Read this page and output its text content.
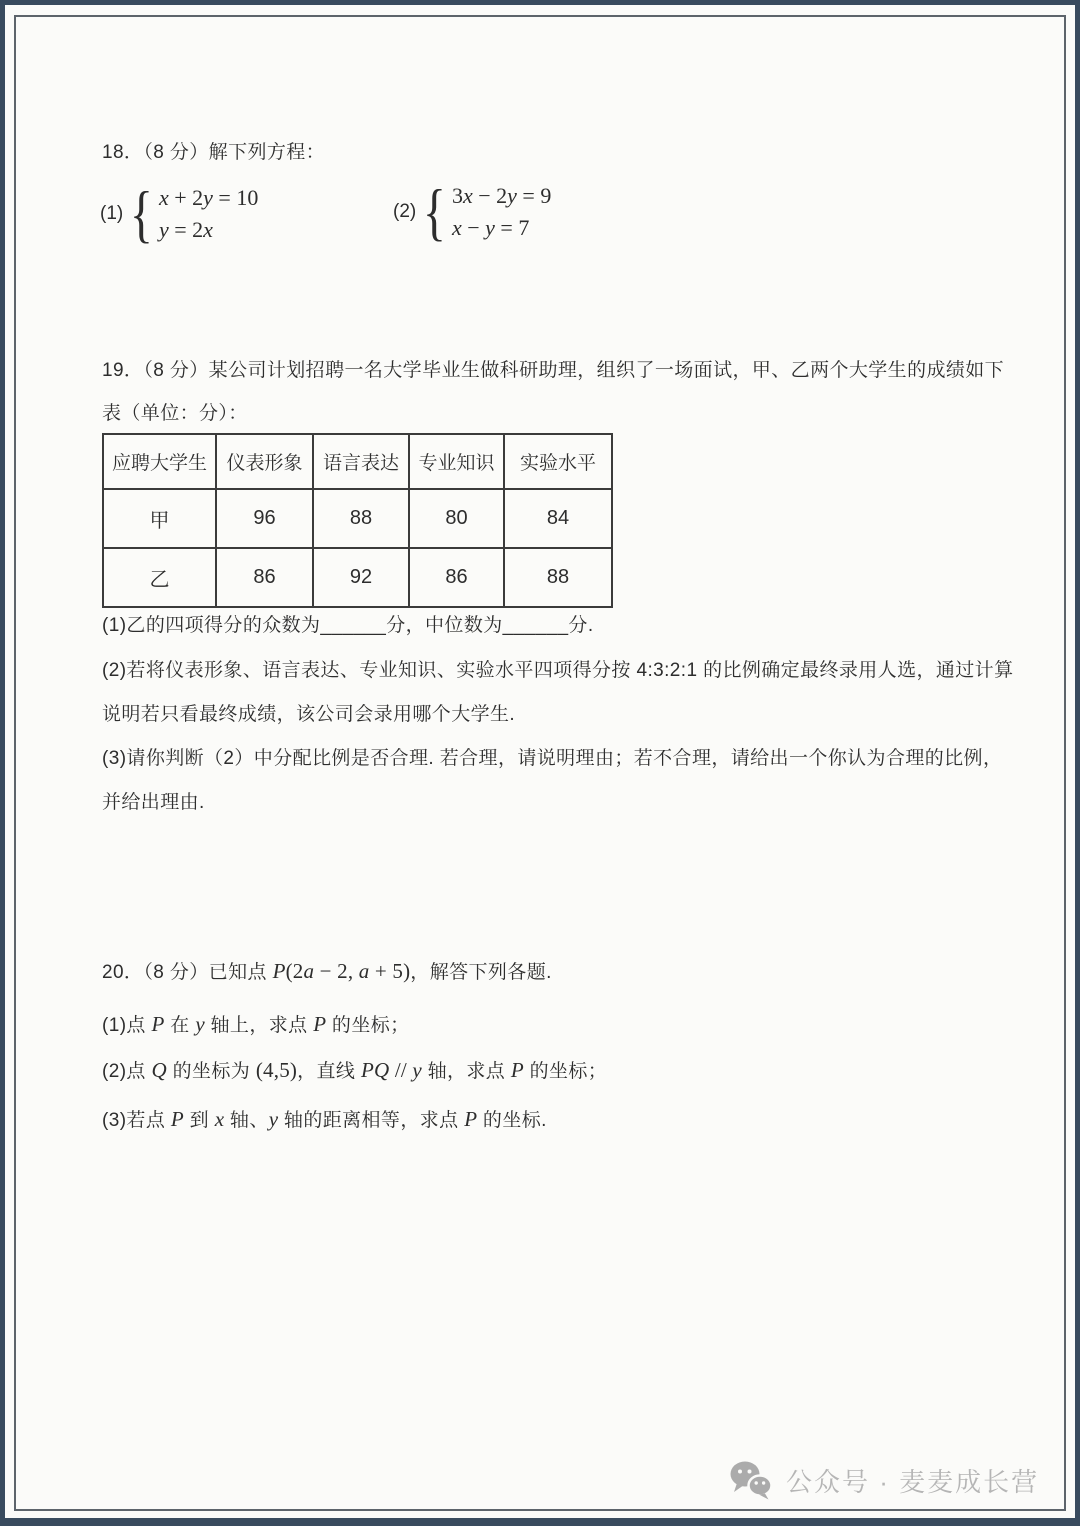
18．（8 分）解下列方程：
(1) { x + 2y = 10
y = 2x
(2) { 3x − 2y = 9
x − y = 7
19．（8 分）某公司计划招聘一名大学毕业生做科研助理，组织了一场面试，甲、乙两个大学生的成绩如下
表（单位：分）：
应聘大学生	仪表形象	语言表达	专业知识	实验水平
甲	96	88	80	84
乙	86	92	86	88
(1)乙的四项得分的众数为______分，中位数为______分.
(2)若将仪表形象、语言表达、专业知识、实验水平四项得分按 4:3:2:1 的比例确定最终录用人选，通过计算
说明若只看最终成绩，该公司会录用哪个大学生.
(3)请你判断（2）中分配比例是否合理. 若合理，请说明理由；若不合理，请给出一个你认为合理的比例，
并给出理由.
20．（8 分）已知点 P(2a − 2, a + 5)，解答下列各题.
(1)点 P 在 y 轴上，求点 P 的坐标；
(2)点 Q 的坐标为 (4,5)，直线 PQ // y 轴，求点 P 的坐标；
(3)若点 P 到 x 轴、y 轴的距离相等，求点 P 的坐标.
公众号 · 麦麦成长营
